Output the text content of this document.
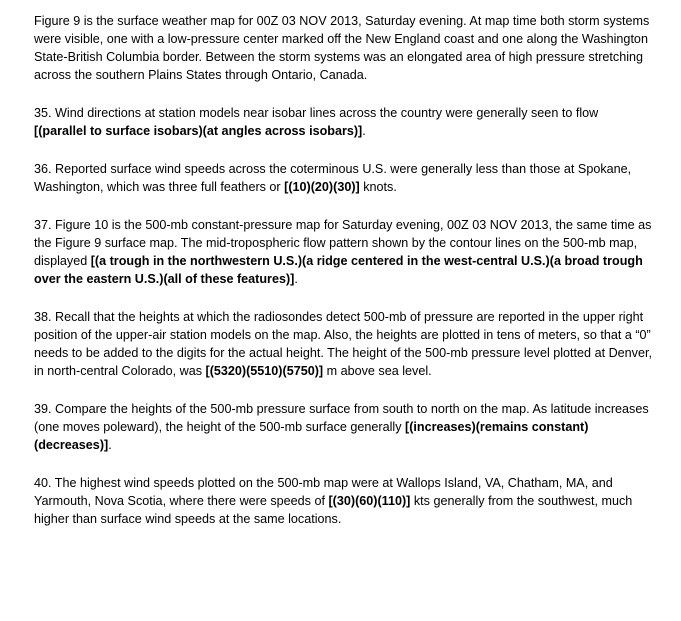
Figure 9 is the surface weather map for 00Z 03 NOV 2013, Saturday evening. At map time both storm systems were visible, one with a low-pressure center marked off the New England coast and one along the Washington State-British Columbia border. Between the storm systems was an elongated area of high pressure stretching across the southern Plains States through Ontario, Canada.

35. Wind directions at station models near isobar lines across the country were generally seen to flow [(parallel to surface isobars)(at angles across isobars)].

36. Reported surface wind speeds across the coterminous U.S. were generally less than those at Spokane, Washington, which was three full feathers or [(10)(20)(30)] knots.

37. Figure 10 is the 500-mb constant-pressure map for Saturday evening, 00Z 03 NOV 2013, the same time as the Figure 9 surface map. The mid-tropospheric flow pattern shown by the contour lines on the 500-mb map, displayed [(a trough in the northwestern U.S.)(a ridge centered in the west-central U.S.)(a broad trough over the eastern U.S.)(all of these features)].

38. Recall that the heights at which the radiosondes detect 500-mb of pressure are reported in the upper right position of the upper-air station models on the map. Also, the heights are plotted in tens of meters, so that a “0” needs to be added to the digits for the actual height. The height of the 500-mb pressure level plotted at Denver, in north-central Colorado, was [(5320)(5510)(5750)] m above sea level.

39. Compare the heights of the 500-mb pressure surface from south to north on the map. As latitude increases (one moves poleward), the height of the 500-mb surface generally [(increases)(remains constant)(decreases)].

40. The highest wind speeds plotted on the 500-mb map were at Wallops Island, VA, Chatham, MA, and Yarmouth, Nova Scotia, where there were speeds of [(30)(60)(110)] kts generally from the southwest, much higher than surface wind speeds at the same locations.
